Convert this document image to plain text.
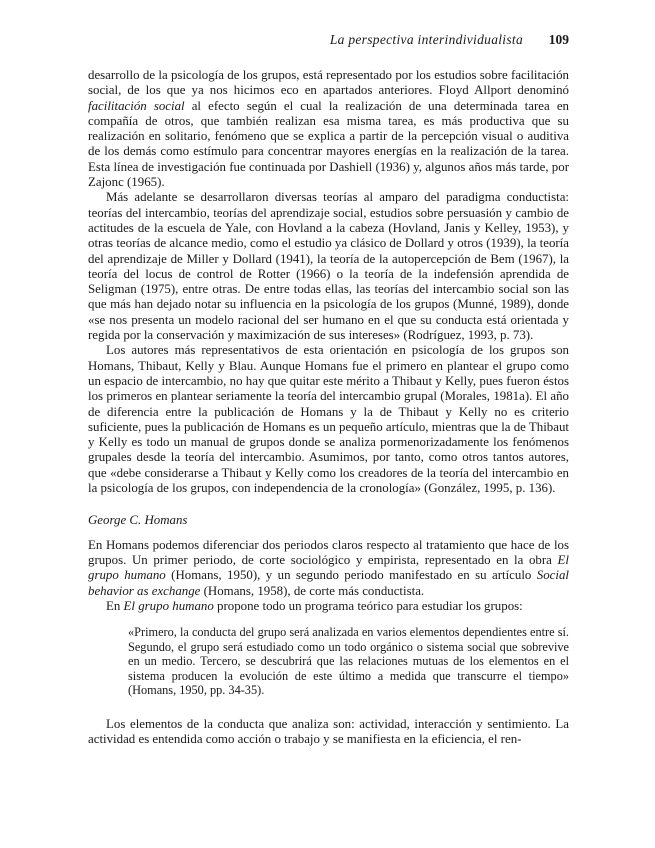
La perspectiva interindividualista 109

desarrollo de la psicología de los grupos, está representado por los estudios sobre facilitación social, de los que ya nos hicimos eco en apartados anteriores. Floyd Allport denominó facilitación social al efecto según el cual la realización de una determinada tarea en compañía de otros, que también realizan esa misma tarea, es más productiva que su realización en solitario, fenómeno que se explica a partir de la percepción visual o auditiva de los demás como estímulo para concentrar mayores energías en la realización de la tarea. Esta línea de investigación fue continuada por Dashiell (1936) y, algunos años más tarde, por Zajonc (1965).

Más adelante se desarrollaron diversas teorías al amparo del paradigma conductista: teorías del intercambio, teorías del aprendizaje social, estudios sobre persuasión y cambio de actitudes de la escuela de Yale, con Hovland a la cabeza (Hovland, Janis y Kelley, 1953), y otras teorías de alcance medio, como el estudio ya clásico de Dollard y otros (1939), la teoría del aprendizaje de Miller y Dollard (1941), la teoría de la autopercepción de Bem (1967), la teoría del locus de control de Rotter (1966) o la teoría de la indefensión aprendida de Seligman (1975), entre otras. De entre todas ellas, las teorías del intercambio social son las que más han dejado notar su influencia en la psicología de los grupos (Munné, 1989), donde «se nos presenta un modelo racional del ser humano en el que su conducta está orientada y regida por la conservación y maximización de sus intereses» (Rodríguez, 1993, p. 73).

Los autores más representativos de esta orientación en psicología de los grupos son Homans, Thibaut, Kelly y Blau. Aunque Homans fue el primero en plantear el grupo como un espacio de intercambio, no hay que quitar este mérito a Thibaut y Kelly, pues fueron éstos los primeros en plantear seriamente la teoría del intercambio grupal (Morales, 1981a). El año de diferencia entre la publicación de Homans y la de Thibaut y Kelly no es criterio suficiente, pues la publicación de Homans es un pequeño artículo, mientras que la de Thibaut y Kelly es todo un manual de grupos donde se analiza pormenorizadamente los fenómenos grupales desde la teoría del intercambio. Asumimos, por tanto, como otros tantos autores, que «debe considerarse a Thibaut y Kelly como los creadores de la teoría del intercambio en la psicología de los grupos, con independencia de la cronología» (González, 1995, p. 136).

George C. Homans

En Homans podemos diferenciar dos periodos claros respecto al tratamiento que hace de los grupos. Un primer periodo, de corte sociológico y empirista, representado en la obra El grupo humano (Homans, 1950), y un segundo periodo manifestado en su artículo Social behavior as exchange (Homans, 1958), de corte más conductista.

En El grupo humano propone todo un programa teórico para estudiar los grupos:

«Primero, la conducta del grupo será analizada en varios elementos dependientes entre sí. Segundo, el grupo será estudiado como un todo orgánico o sistema social que sobrevive en un medio. Tercero, se descubrirá que las relaciones mutuas de los elementos en el sistema producen la evolución de este último a medida que transcurre el tiempo» (Homans, 1950, pp. 34-35).

Los elementos de la conducta que analiza son: actividad, interacción y sentimiento. La actividad es entendida como acción o trabajo y se manifiesta en la eficiencia, el ren-
